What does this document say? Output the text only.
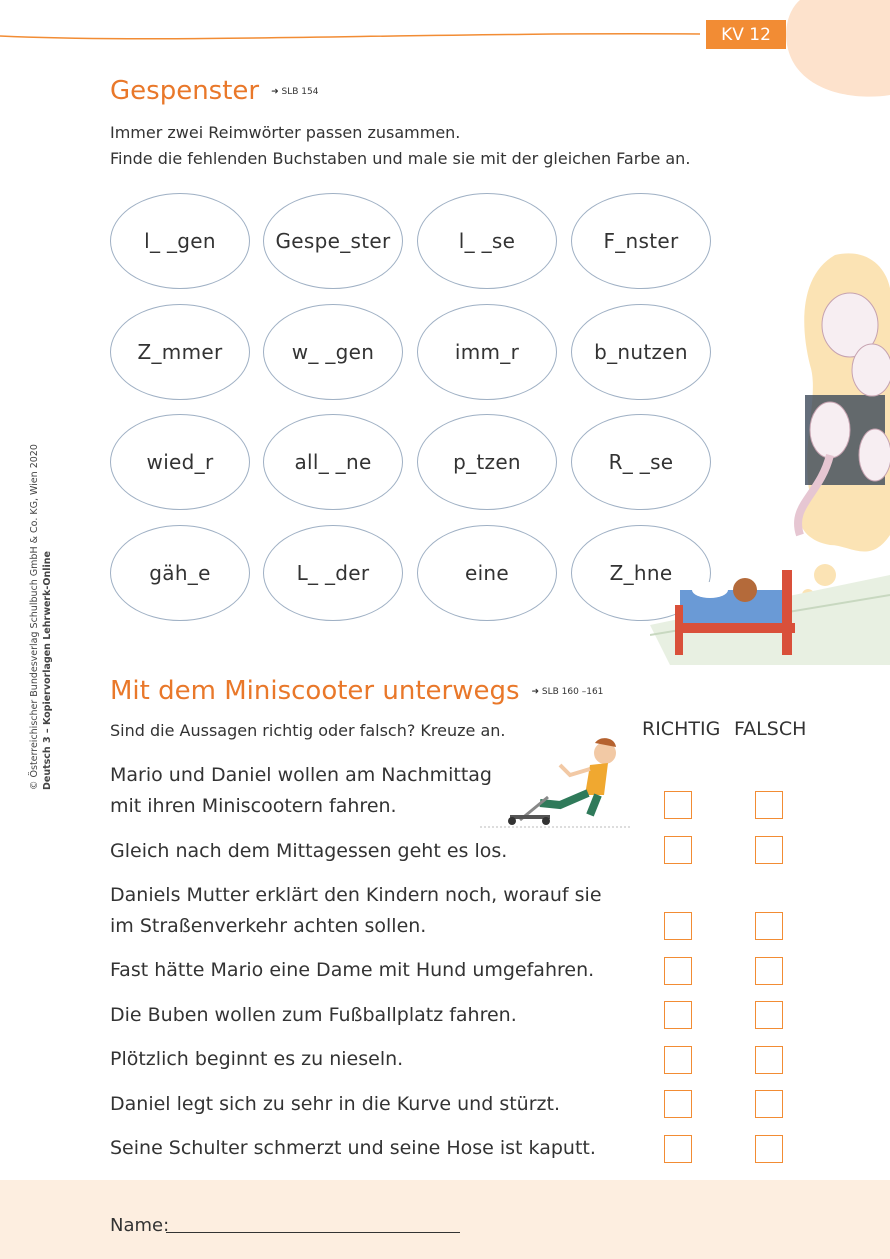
KV 12
Gespenster ➜ SLB 154
Immer zwei Reimwörter passen zusammen.
Finde die fehlenden Buchstaben und male sie mit der gleichen Farbe an.
l_ _gen	Gespe_ster	l_ _se	F_nster
Z_mmer	w_ _gen	imm_r	b_nutzen
wied_r	all_ _ne	p_tzen	R_ _se
gäh_e	L_ _der	eine	Z_hne
© Österreichischer Bundesverlag Schulbuch GmbH & Co. KG, Wien 2020 Deutsch 3 – Kopiervorlagen Lehrwerk-Online Mit dem Miniscooter unterwegs ➜ SLB 160 –161
Sind die Aussagen richtig oder falsch? Kreuze an.	RICHTIG FALSCH
Mario und Daniel wollen am Nachmittag
mit ihren Miniscootern fahren.
Gleich nach dem Mittagessen geht es los.
Daniels Mutter erklärt den Kindern noch, worauf sie
im Straßenverkehr achten sollen.
Fast hätte Mario eine Dame mit Hund umgefahren.
Die Buben wollen zum Fußballplatz fahren.
Plötzlich beginnt es zu nieseln.
Daniel legt sich zu sehr in die Kurve und stürzt.
Seine Schulter schmerzt und seine Hose ist kaputt.
Name:
